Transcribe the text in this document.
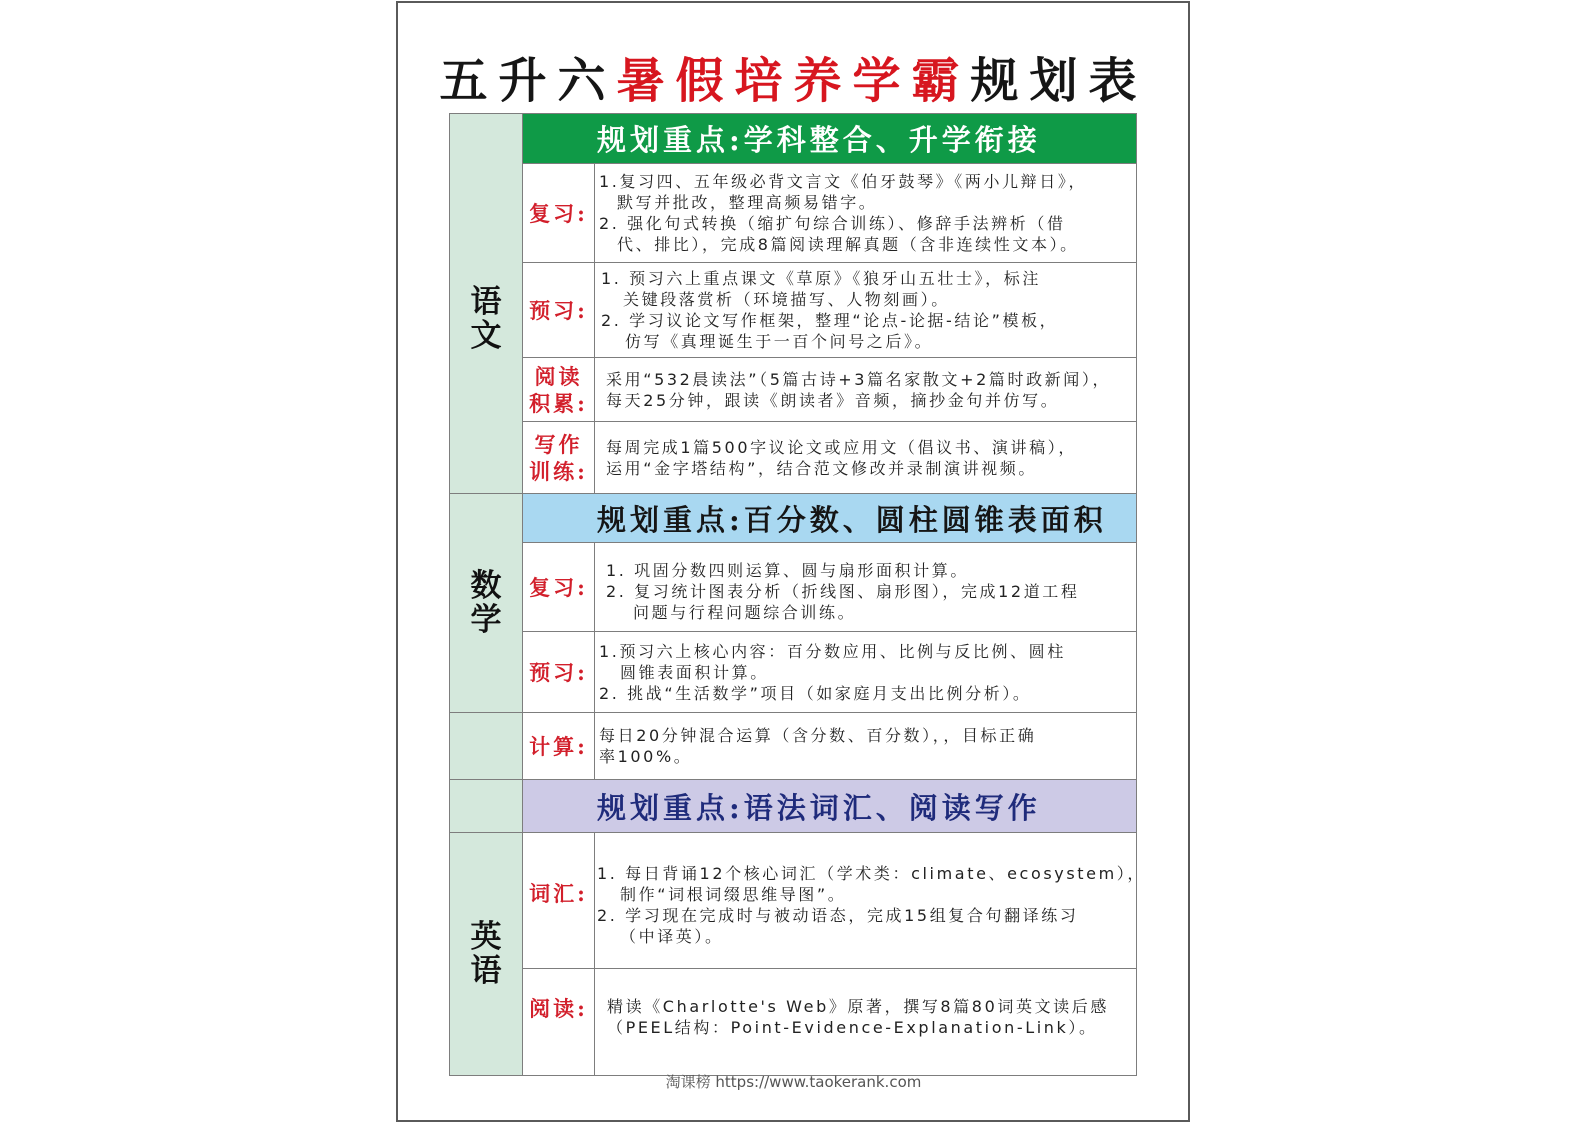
五升六暑假培养学霸规划表
语
文
规划重点:学科整合、升学衔接
复习:
1.复习四、五年级必背文言文《伯牙鼓琴》《两小儿辩日》，
默写并批改，整理高频易错字。
2. 强化句式转换（缩扩句综合训练）、修辞手法辨析（借
代、排比），完成8篇阅读理解真题（含非连续性文本）。
预习:
1. 预习六上重点课文《草原》《狼牙山五壮士》，标注
关键段落赏析（环境描写、人物刻画）。
2. 学习议论文写作框架，整理“论点-论据-结论”模板，
仿写《真理诞生于一百个问号之后》。
阅读
积累:
采用“532晨读法”（5篇古诗+3篇名家散文+2篇时政新闻），
每天25分钟，跟读《朗读者》音频，摘抄金句并仿写。
写作
训练:
每周完成1篇500字议论文或应用文（倡议书、演讲稿），
运用“金字塔结构”，结合范文修改并录制演讲视频。
数
学
规划重点:百分数、圆柱圆锥表面积
复习:
1. 巩固分数四则运算、圆与扇形面积计算。
2. 复习统计图表分析（折线图、扇形图），完成12道工程
问题与行程问题综合训练。
预习:
1.预习六上核心内容：百分数应用、比例与反比例、圆柱
圆锥表面积计算。
2. 挑战“生活数学”项目（如家庭月支出比例分析）。
计算: 每日20分钟混合运算（含分数、百分数），，目标正确
率100%。
规划重点:语法词汇、阅读写作
英
语
词汇:
1. 每日背诵12个核心词汇（学术类：climate、ecosystem），
制作“词根词缀思维导图”。
2. 学习现在完成时与被动语态，完成15组复合句翻译练习
（中译英）。
阅读: 精读《Charlotte's Web》原著，撰写8篇80词英文读后感
（PEEL结构：Point-Evidence-Explanation-Link）。
淘课榜 https://www.taokerank.com
